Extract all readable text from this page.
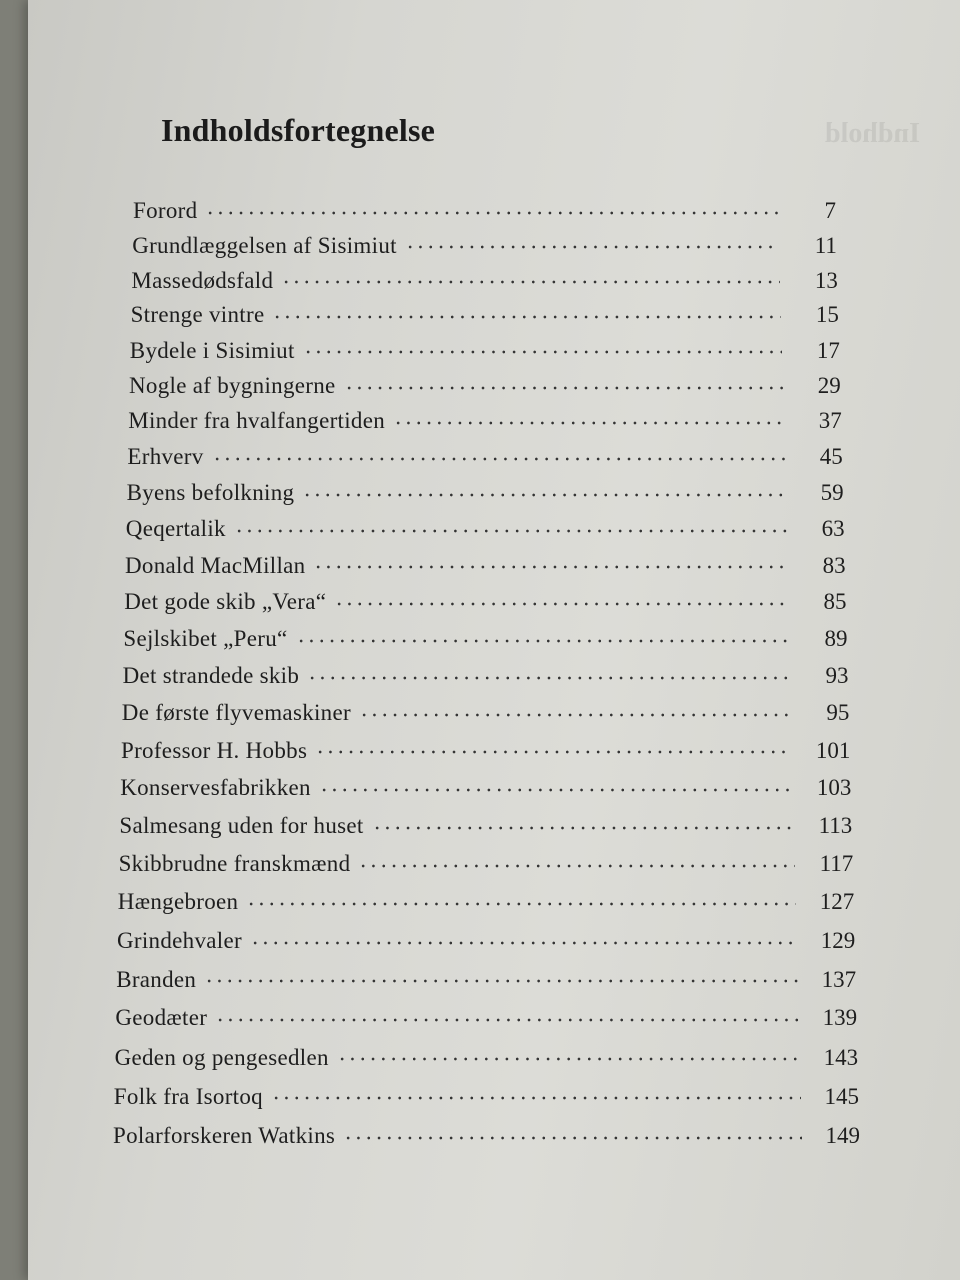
Indhold
Indholdsfortegnelse
Forord	7
Grundlæggelsen af Sisimiut	11
Massedødsfald	13
Strenge vintre	15
Bydele i Sisimiut	17
Nogle af bygningerne	29
Minder fra hvalfangertiden	37
Erhverv	45
Byens befolkning	59
Qeqertalik	63
Donald MacMillan	83
Det gode skib „Vera“	85
Sejlskibet „Peru“	89
Det strandede skib	93
De første flyvemaskiner	95
Professor H. Hobbs	101
Konservesfabrikken	103
Salmesang uden for huset	113
Skibbrudne franskmænd	117
Hængebroen	127
Grindehvaler	129
Branden	137
Geodæter	139
Geden og pengesedlen	143
Folk fra Isortoq	145
Polarforskeren Watkins	149
